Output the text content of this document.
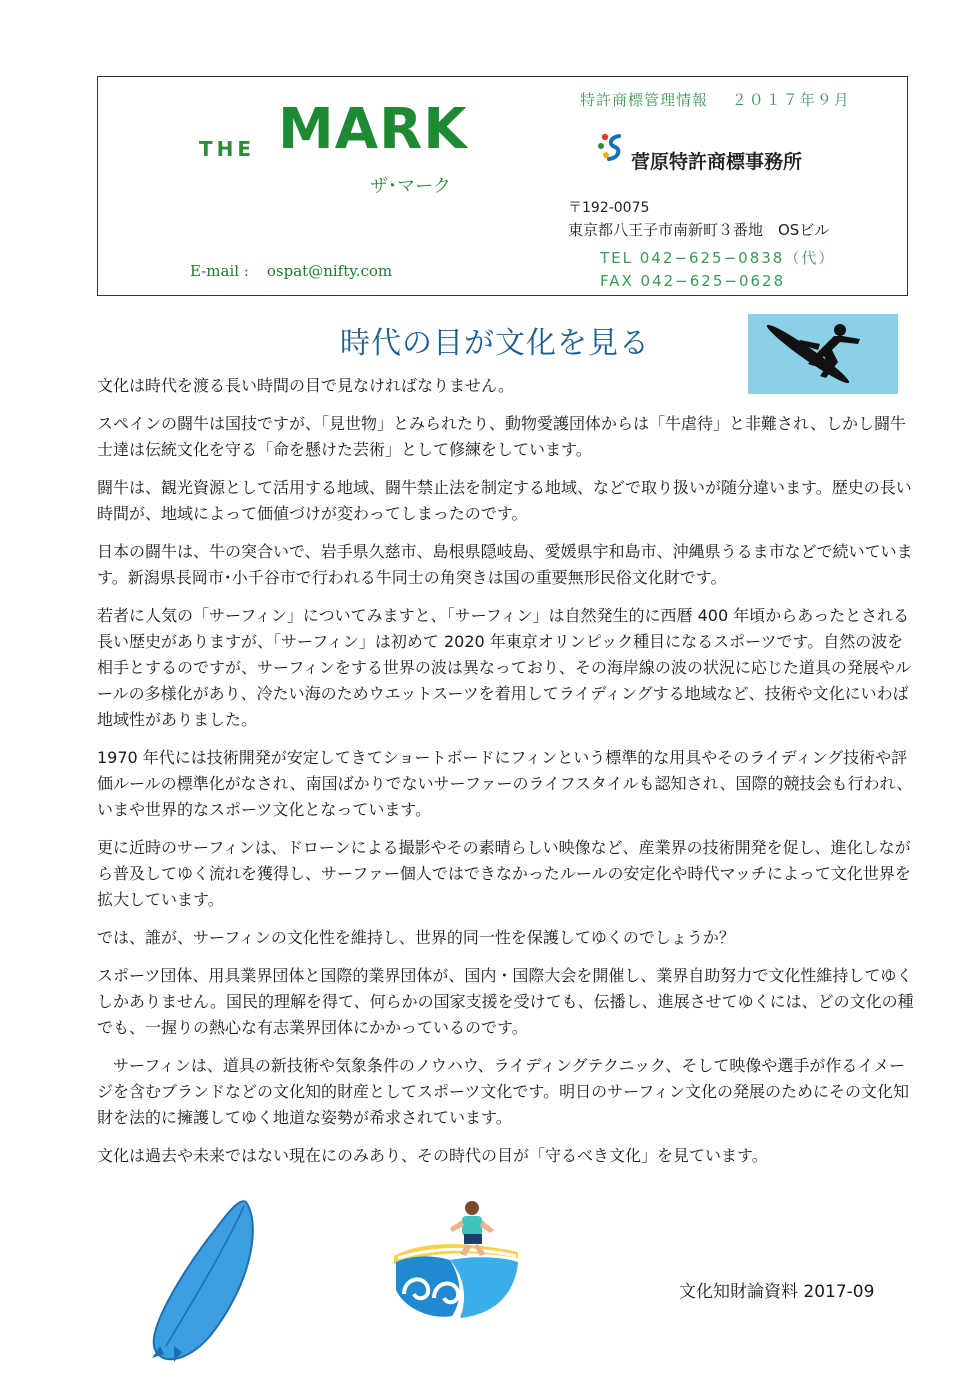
THE MARK
ザ･マーク
E-mail : ospat@nifty.com
特許商標管理情報 ２０１７年９月
菅原特許商標事務所
〒192-0075
東京都八王子市南新町３番地　OSビル
TEL 042−625−0838（代）
FAX 042−625−0628
時代の目が文化を見る

文化は時代を渡る長い時間の目で見なければなりません。

スペインの闘牛は国技ですが、「見世物」とみられたり、動物愛護団体からは「牛虐待」と非難され、しかし闘牛士達は伝統文化を守る「命を懸けた芸術」として修練をしています。

闘牛は、観光資源として活用する地域、闘牛禁止法を制定する地域、などで取り扱いが随分違います。歴史の長い時間が、地域によって価値づけが変わってしまったのです。

日本の闘牛は、牛の突合いで、岩手県久慈市、島根県隠岐島、愛媛県宇和島市、沖縄県うるま市などで続いています。新潟県長岡市･小千谷市で行われる牛同士の角突きは国の重要無形民俗文化財です。

若者に人気の「サーフィン」についてみますと、「サーフィン」は自然発生的に西暦 400 年頃からあったとされる長い歴史がありますが、「サーフィン」は初めて 2020 年東京オリンピック種目になるスポーツです。自然の波を相手とするのですが、サーフィンをする世界の波は異なっており、その海岸線の波の状況に応じた道具の発展やルールの多様化があり、冷たい海のためウエットスーツを着用してライディングする地域など、技術や文化にいわば地域性がありました。

1970 年代には技術開発が安定してきてショートボードにフィンという標準的な用具やそのライディング技術や評価ルールの標準化がなされ、南国ばかりでないサーファーのライフスタイルも認知され、国際的競技会も行われ、いまや世界的なスポーツ文化となっています。

更に近時のサーフィンは、ドローンによる撮影やその素晴らしい映像など、産業界の技術開発を促し、進化しながら普及してゆく流れを獲得し、サーファー個人ではできなかったルールの安定化や時代マッチによって文化世界を拡大しています。

では、誰が、サーフィンの文化性を維持し、世界的同一性を保護してゆくのでしょうか？

スポーツ団体、用具業界団体と国際的業界団体が、国内・国際大会を開催し、業界自助努力で文化性維持してゆくしかありません。国民的理解を得て、何らかの国家支援を受けても、伝播し、進展させてゆくには、どの文化の種でも、一握りの熱心な有志業界団体にかかっているのです。

サーフィンは、道具の新技術や気象条件のノウハウ、ライディングテクニック、そして映像や選手が作るイメージを含むブランドなどの文化知的財産としてスポーツ文化です。明日のサーフィン文化の発展のためにその文化知財を法的に擁護してゆく地道な姿勢が希求されています。

文化は過去や未来ではない現在にのみあり、その時代の目が「守るべき文化」を見ています。

文化知財論資料 2017-09
